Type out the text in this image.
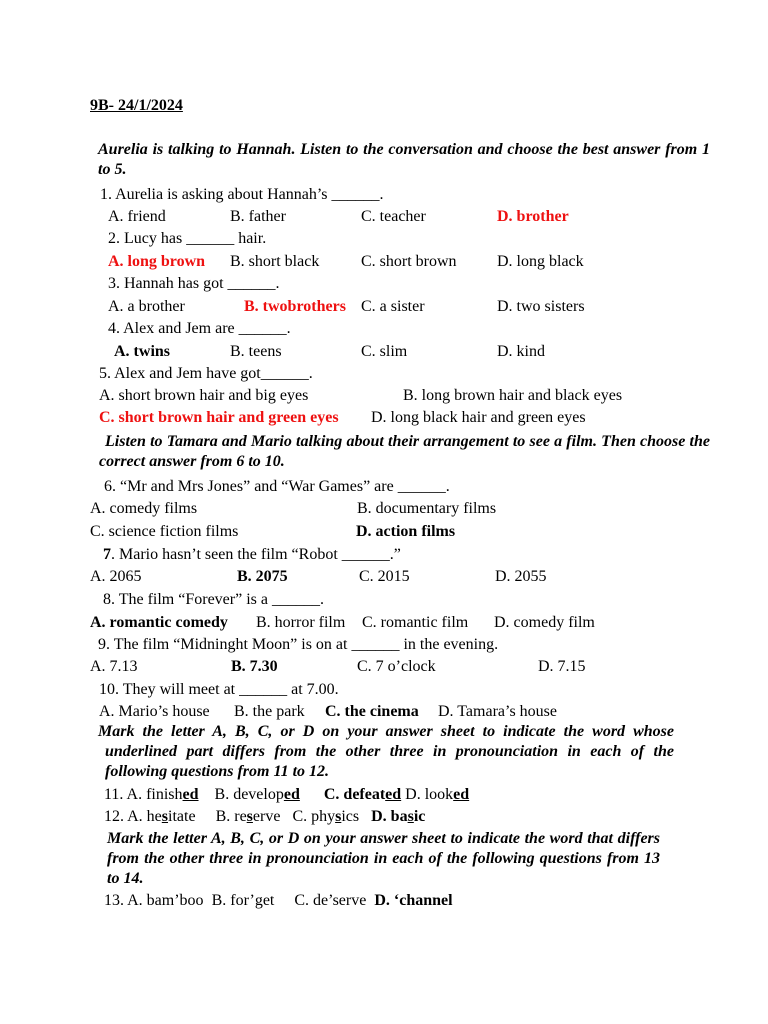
9B- 24/1/2024
Aurelia is talking to Hannah. Listen to the conversation and choose the best answer from 1 to 5.
1. Aurelia is asking about Hannah’s ______.
A. friend	B. father	C. teacher	D. brother
2. Lucy has ______ hair.
A. long brown B. short black	C. short brown	D. long black
3. Hannah has got ______.
A. a brother	B. twobrothers C. a sister	D. two sisters
4. Alex and Jem are ______.
A. twins	B. teens	C. slim	D. kind
5. Alex and Jem have got______.
A. short brown hair and big eyes	B. long brown hair and black eyes
C. short brown hair and green eyes D. long black hair and green eyes
Listen to Tamara and Mario talking about their arrangement to see a film. Then choose the correct answer from 6 to 10.
6. “Mr and Mrs Jones” and “War Games” are ______.
A. comedy films	B. documentary films
C. science fiction films	D. action films
7. Mario hasn’t seen the film “Robot ______.”
A. 2065	B. 2075	C. 2015	D. 2055
8. The film “Forever” is a ______.
A. romantic comedy B. horror film C. romantic film D. comedy film
9. The film “Midninght Moon” is on at ______ in the evening.
A. 7.13	B. 7.30	C. 7 o’clock	D. 7.15
10. They will meet at ______ at 7.00.
A. Mario’s house B. the park C. the cinema D. Tamara’s house
Mark the letter A, B, C, or D on your answer sheet to indicate the word whose underlined part differs from the other three in pronounciation in each of the following questions from 11 to 12.
11. A. finished B. developed C. defeated D. looked
12. A. hesitate B. reserve C. physics D. basic
Mark the letter A, B, C, or D on your answer sheet to indicate the word that differs from the other three in pronounciation in each of the following questions from 13 to 14.
13. A. bam’boo B. for’get C. de’serve D. ‘channel
